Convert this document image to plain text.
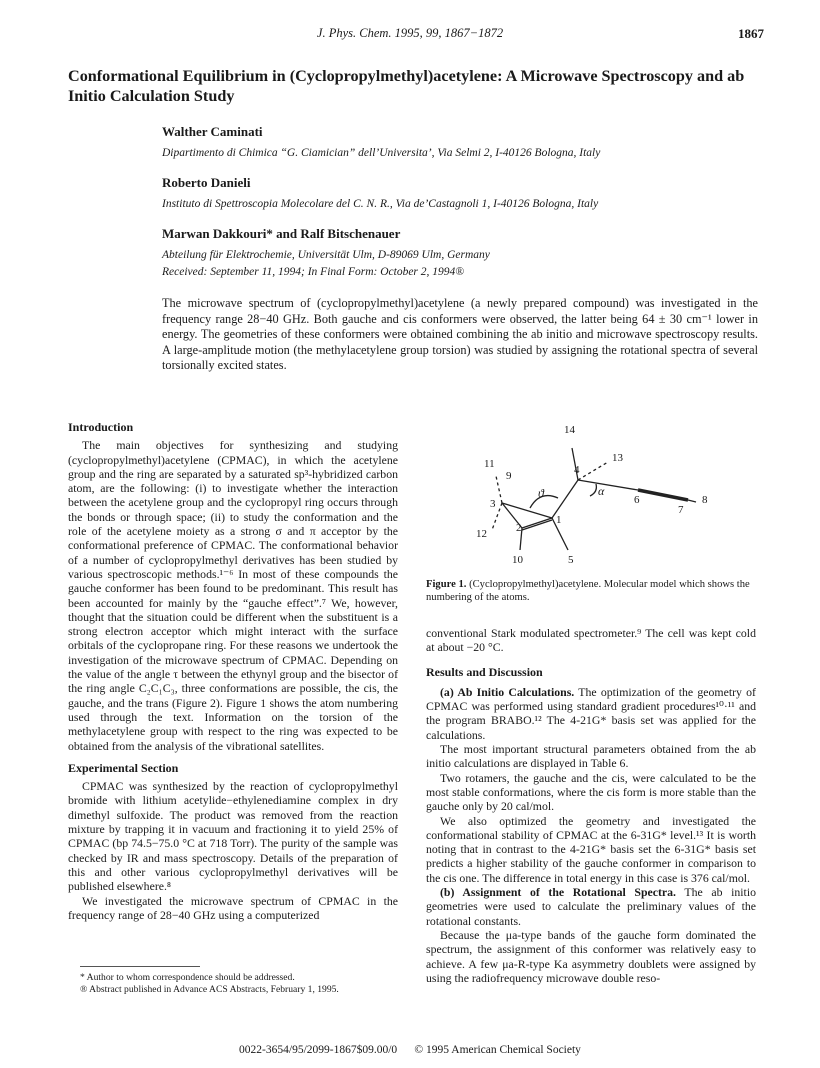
J. Phys. Chem. 1995, 99, 1867−1872	1867
Conformational Equilibrium in (Cyclopropylmethyl)acetylene: A Microwave Spectroscopy and ab Initio Calculation Study
Walther Caminati
Dipartimento di Chimica “G. Ciamician” dell’Universita’, Via Selmi 2, I-40126 Bologna, Italy
Roberto Danieli
Instituto di Spettroscopia Molecolare del C. N. R., Via de’Castagnoli 1, I-40126 Bologna, Italy
Marwan Dakkouri* and Ralf Bitschenauer
Abteilung für Elektrochemie, Universität Ulm, D-89069 Ulm, Germany
Received: September 11, 1994; In Final Form: October 2, 1994®
The microwave spectrum of (cyclopropylmethyl)acetylene (a newly prepared compound) was investigated in the frequency range 28−40 GHz. Both gauche and cis conformers were observed, the latter being 64 ± 30 cm⁻¹ lower in energy. The geometries of these conformers were obtained combining the ab initio and microwave spectroscopy results. A large-amplitude motion (the methylacetylene group torsion) was studied by assigning the rotational spectra of several torsionally excited states.
Introduction

The main objectives for synthesizing and studying (cyclopropylmethyl)acetylene (CPMAC), in which the acetylene group and the ring are separated by a saturated sp³-hybridized carbon atom, are the following: (i) to investigate whether the interaction between the acetylene group and the cyclopropyl ring occurs through the bonds or through space; (ii) to study the conformation and the role of the acetylene moiety as a strong σ and π acceptor by the conformational preference of CPMAC. The conformational behavior of a number of cyclopropylmethyl derivatives has been studied by various spectroscopic methods.¹⁻⁶ In most of these compounds the gauche conformer has been found to be predominant. This result has been accounted for mainly by the “gauche effect”.⁷ We, however, thought that the situation could be different when the substituent is a strong electron acceptor which might interact with the surface orbitals of the cyclopropane ring. For these reasons we undertook the investigation of the microwave spectrum of CPMAC. Depending on the value of the angle τ between the ethynyl group and the bisector of the ring angle C₂C₁C₃, three conformations are possible, the cis, the gauche, and the trans (Figure 2). Figure 1 shows the atom numbering used through the text. Information on the torsion of the methylacetylene group with respect to the ring was expected to be obtained from the analysis of the vibrational satellites.

Experimental Section

CPMAC was synthesized by the reaction of cyclopropylmethyl bromide with lithium acetylide−ethylenediamine complex in dry dimethyl sulfoxide. The product was removed from the reaction mixture by trapping it in vacuum and fractioning it to yield 25% of CPMAC (bp 74.5−75.0 °C at 718 Torr). The purity of the sample was checked by IR and mass spectroscopy. Details of the preparation of this and other various cyclopropylmethyl derivatives will be published elsewhere.⁸

We investigated the microwave spectrum of CPMAC in the frequency range of 28−40 GHz using a computerized

* Author to whom correspondence should be addressed.
® Abstract published in Advance ACS Abstracts, February 1, 1995.
1
2
3
4
5
6
7
8
9
10
11
12
13
14
ϑ	α
Figure 1. (Cyclopropylmethyl)acetylene. Molecular model which shows the numbering of the atoms.

conventional Stark modulated spectrometer.⁹ The cell was kept cold at about −20 °C.

Results and Discussion

(a) Ab Initio Calculations. The optimization of the geometry of CPMAC was performed using standard gradient procedures¹⁰·¹¹ and the program BRABO.¹² The 4-21G* basis set was applied for the calculations.

The most important structural parameters obtained from the ab initio calculations are displayed in Table 6.

Two rotamers, the gauche and the cis, were calculated to be the most stable conformations, where the cis form is more stable than the gauche only by 20 cal/mol.

We also optimized the geometry and investigated the conformational stability of CPMAC at the 6-31G* level.¹³ It is worth noting that in contrast to the 4-21G* basis set the 6-31G* basis set predicts a higher stability of the gauche conformer in comparison to the cis one. The difference in total energy in this case is 376 cal/mol.

(b) Assignment of the Rotational Spectra. The ab initio geometries were used to calculate the preliminary values of the rotational constants.

Because the μa-type bands of the gauche form dominated the spectrum, the assignment of this conformer was relatively easy to achieve. A few μa-R-type Ka asymmetry doublets were assigned by using the radiofrequency microwave double reso-

0022-3654/95/2099-1867$09.00/0 © 1995 American Chemical Society
